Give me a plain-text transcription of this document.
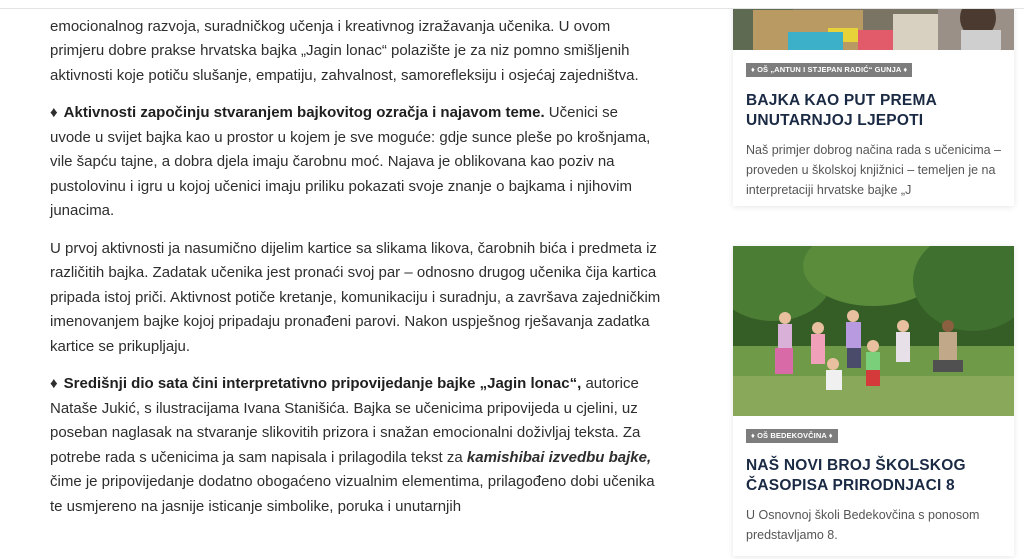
emocionalnog razvoja, suradničkog učenja i kreativnog izražavanja učenika. U ovom primjeru dobre prakse hrvatska bajka „Jagin lonac“ polazište je za niz pomno smišljenih aktivnosti koje potiču slušanje, empatiju, zahvalnost, samorefleksiju i osjećaj zajedništva.

♦ Aktivnosti započinju stvaranjem bajkovitog ozračja i najavom teme. Učenici se uvode u svijet bajka kao u prostor u kojem je sve moguće: gdje sunce pleše po krošnjama, vile šapću tajne, a dobra djela imaju čarobnu moć. Najava je oblikovana kao poziv na pustolovinu i igru u kojoj učenici imaju priliku pokazati svoje znanje o bajkama i njihovim junacima.

U prvoj aktivnosti ja nasumično dijelim kartice sa slikama likova, čarobnih bića i predmeta iz različitih bajka. Zadatak učenika jest pronaći svoj par – odnosno drugog učenika čija kartica pripada istoj priči. Aktivnost potiče kretanje, komunikaciju i suradnju, a završava zajedničkim imenovanjem bajke kojoj pripadaju pronađeni parovi. Nakon uspješnog rješavanja zadatka kartice se prikupljaju.

♦ Središnji dio sata čini interpretativno pripovijedanje bajke „Jagin lonac“, autorice Nataše Jukić, s ilustracijama Ivana Stanišića. Bajka se učenicima pripovijeda u cjelini, uz poseban naglasak na stvaranje slikovitih prizora i snažan emocionalni doživljaj teksta. Za potrebe rada s učenicima ja sam napisala i prilagodila tekst za kamishibai izvedbu bajke, čime je pripovijedanje dodatno obogaćeno vizualnim elementima, prilagođeno dobi učenika te usmjereno na jasnije isticanje simbolike, poruka i unutarnjih

♦ OŠ „ANTUN I STJEPAN RADIĆ“ GUNJA ♦
BAJKA KAO PUT PREMA UNUTARNJOJ LJEPOTI
Naš primjer dobrog načina rada s učenicima – proveden u školskoj knjižnici – temeljen je na interpretaciji hrvatske bajke „J
♦ OŠ BEDEKOVČINA ♦
NAŠ NOVI BROJ ŠKOLSKOG ČASOPISA PRIRODNJACI 8
U Osnovnoj školi Bedekovčina s ponosom predstavljamo 8.
